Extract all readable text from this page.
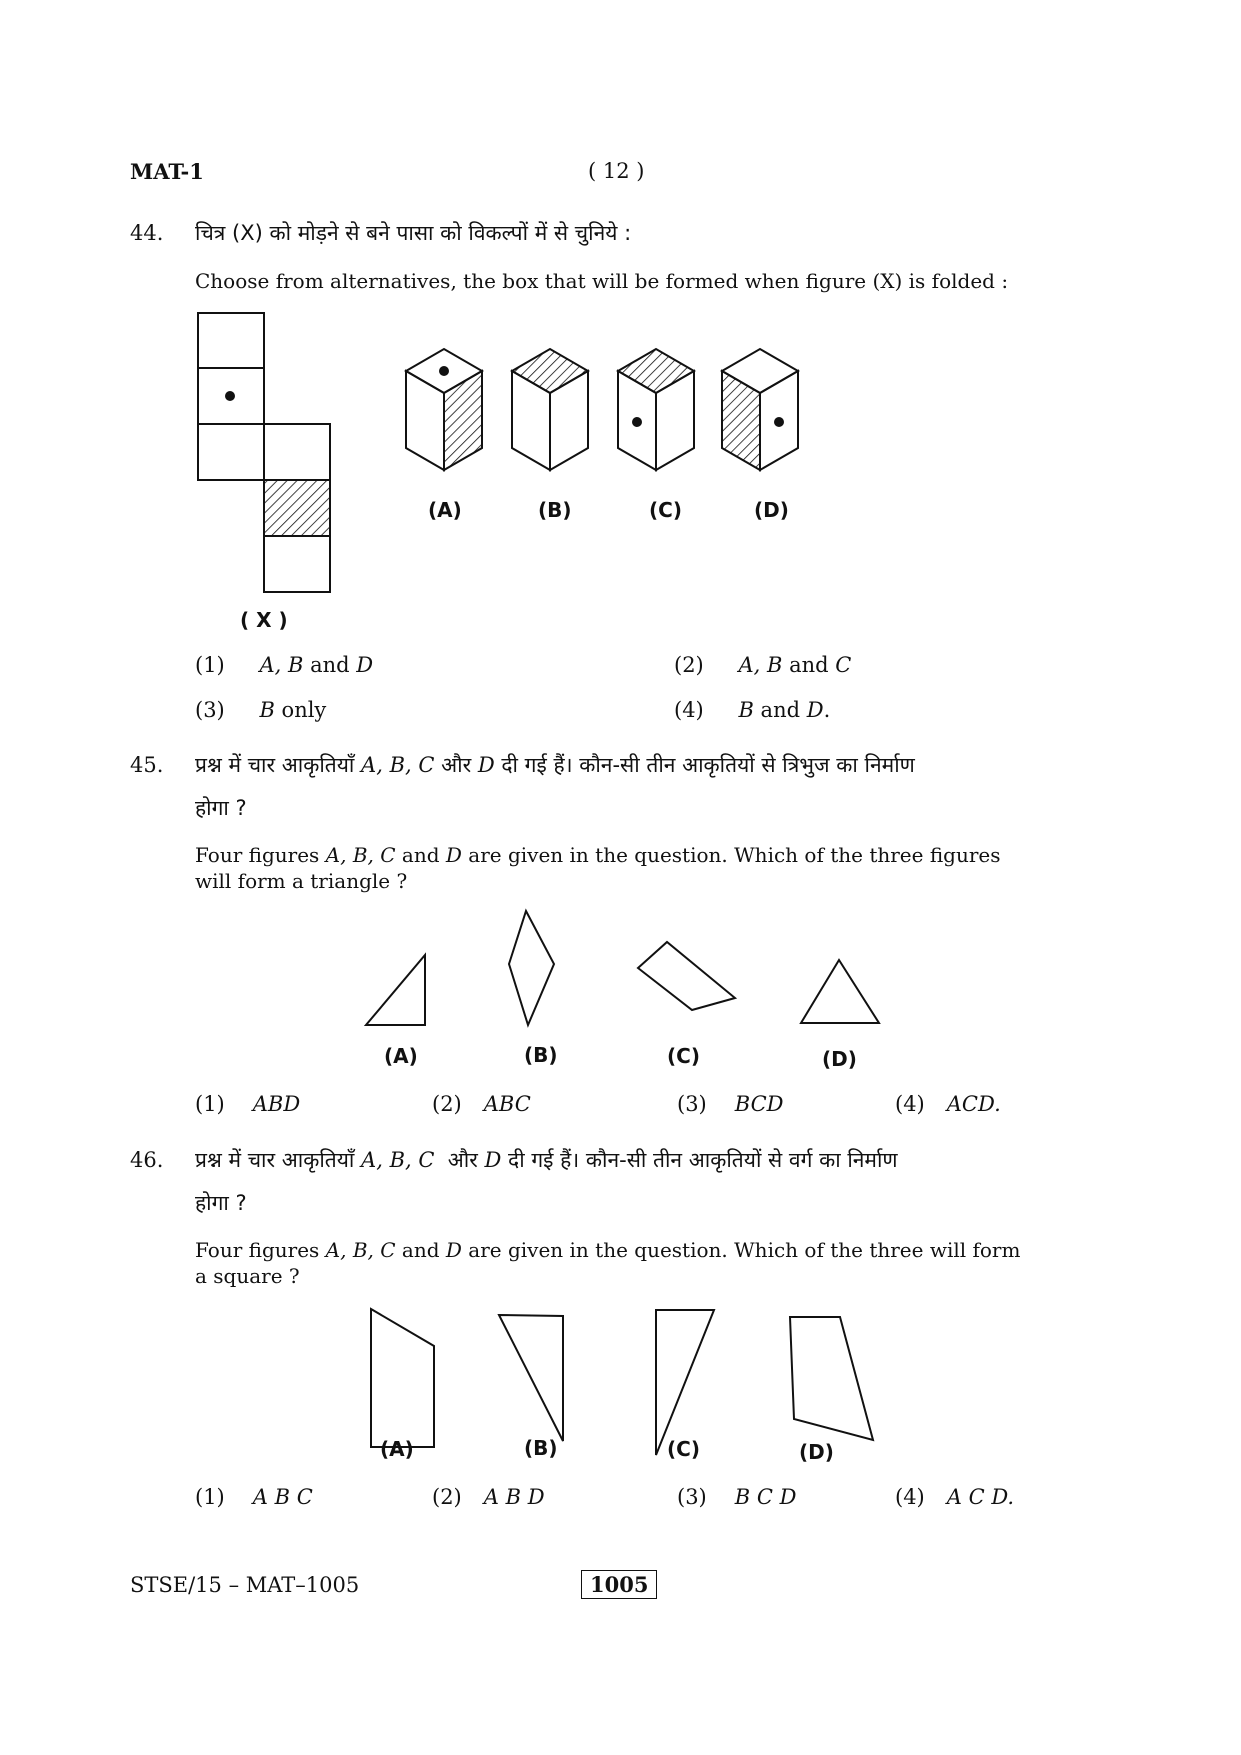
MAT-1	( 12 )
44. चित्र (X) को मोड़ने से बने पासा को विकल्पों में से चुनिये :
Choose from alternatives, the box that will be formed when figure (X) is folded :
( X )
(A)	(B)	(C)	(D)
(1) A, B and D	(2) A, B and C
(3) B only	(4) B and D.
45. प्रश्न में चार आकृतियाँ A, B, C और D दी गई हैं। कौन-सी तीन आकृतियों से त्रिभुज का निर्माण
होगा ?
Four figures A, B, C and D are given in the question. Which of the three figures
will form a triangle ?
(A)	(B)	(C)	(D)
(1) ABD	(2) ABC	(3) BCD	(4) ACD.
46. प्रश्न में चार आकृतियाँ A, B, C  और D दी गई हैं। कौन-सी तीन आकृतियों से वर्ग का निर्माण
होगा ?
Four figures A, B, C and D are given in the question. Which of the three will form
a square ?
(A)	(B)	(C)	(D)
(1) A B C	(2) A B D	(3) B C D	(4) A C D.
STSE/15 – MAT–1005	1005
